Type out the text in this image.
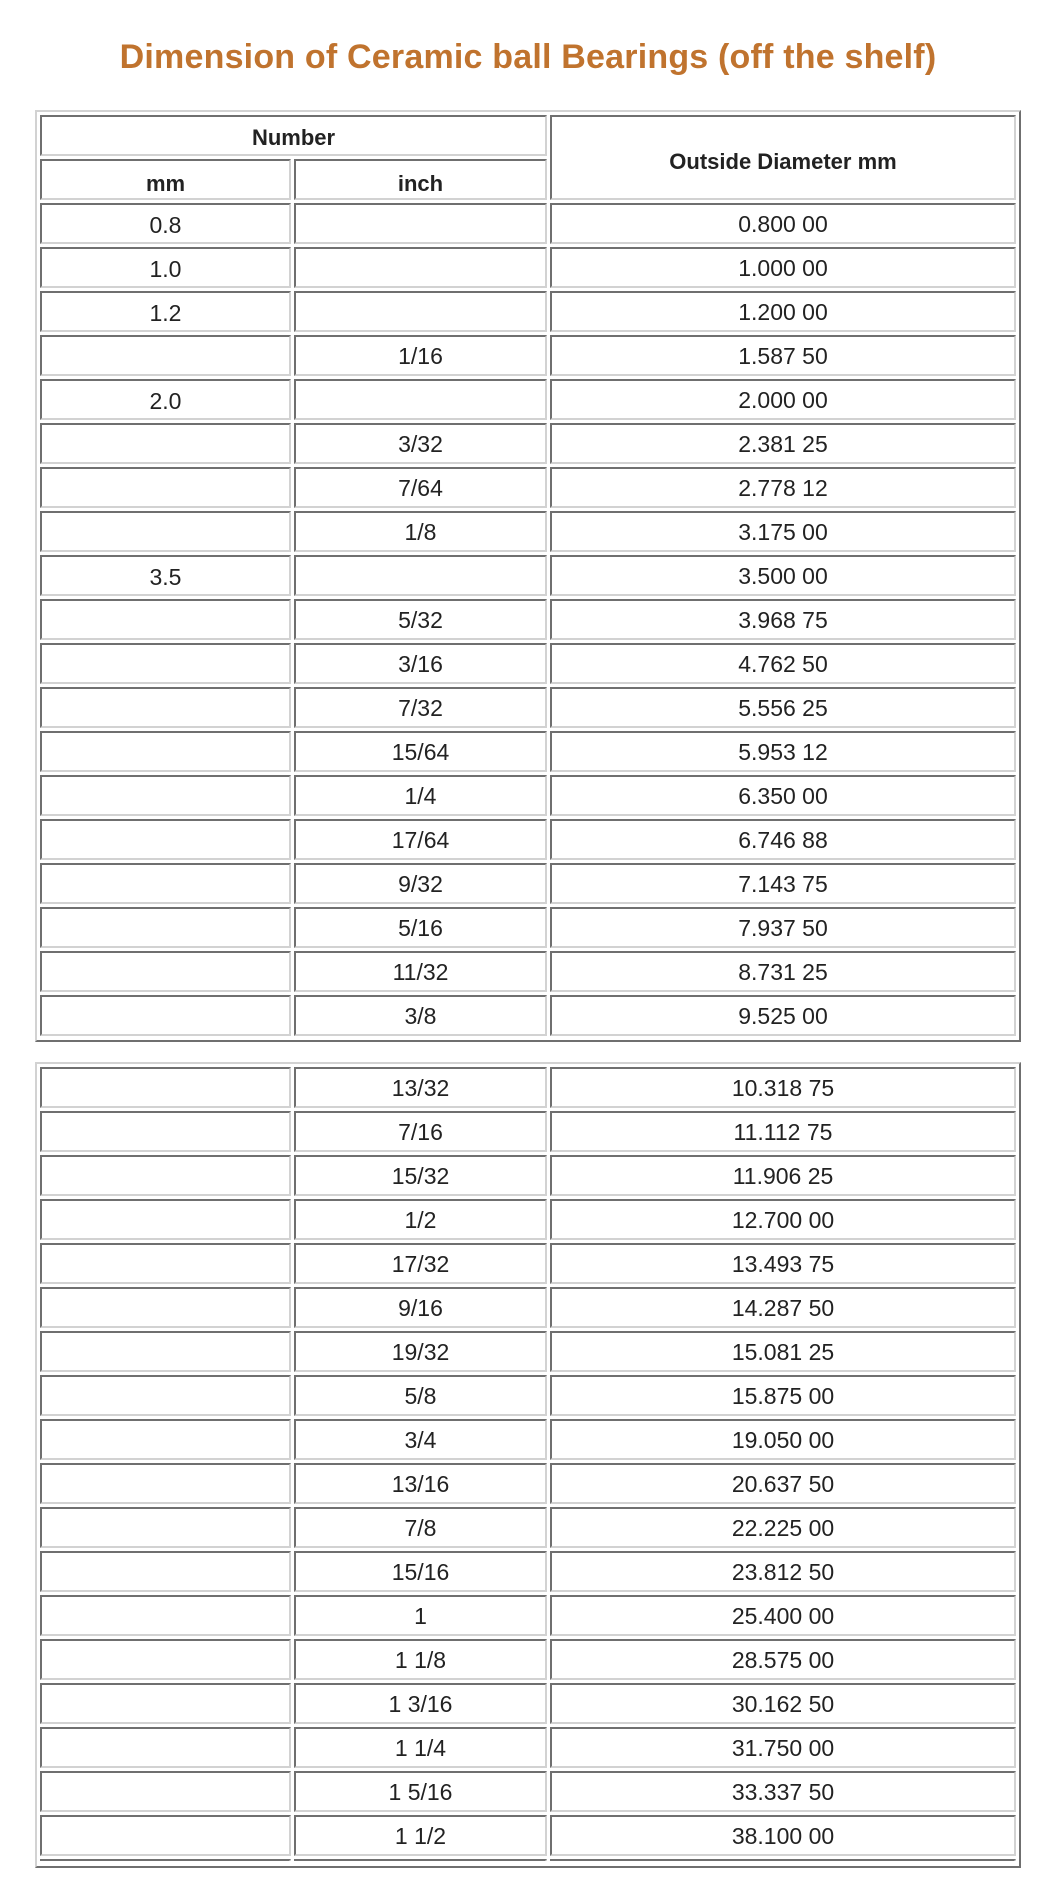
Dimension of Ceramic ball Bearings (off the shelf)
Number		Outside Diameter mm
mm	inch	
0.8		0.800 00
1.0		1.000 00
1.2		1.200 00
	1/16	1.587 50
2.0		2.000 00
	3/32	2.381 25
	7/64	2.778 12
	1/8	3.175 00
3.5		3.500 00
	5/32	3.968 75
	3/16	4.762 50
	7/32	5.556 25
	15/64	5.953 12
	1/4	6.350 00
	17/64	6.746 88
	9/32	7.143 75
	5/16	7.937 50
	11/32	8.731 25
	3/8	9.525 00
	13/32	10.318 75
	7/16	11.112 75
	15/32	11.906 25
	1/2	12.700 00
	17/32	13.493 75
	9/16	14.287 50
	19/32	15.081 25
	5/8	15.875 00
	3/4	19.050 00
	13/16	20.637 50
	7/8	22.225 00
	15/16	23.812 50
	1	25.400 00
	1 1/8	28.575 00
	1 3/16	30.162 50
	1 1/4	31.750 00
	1 5/16	33.337 50
	1 1/2	38.100 00
